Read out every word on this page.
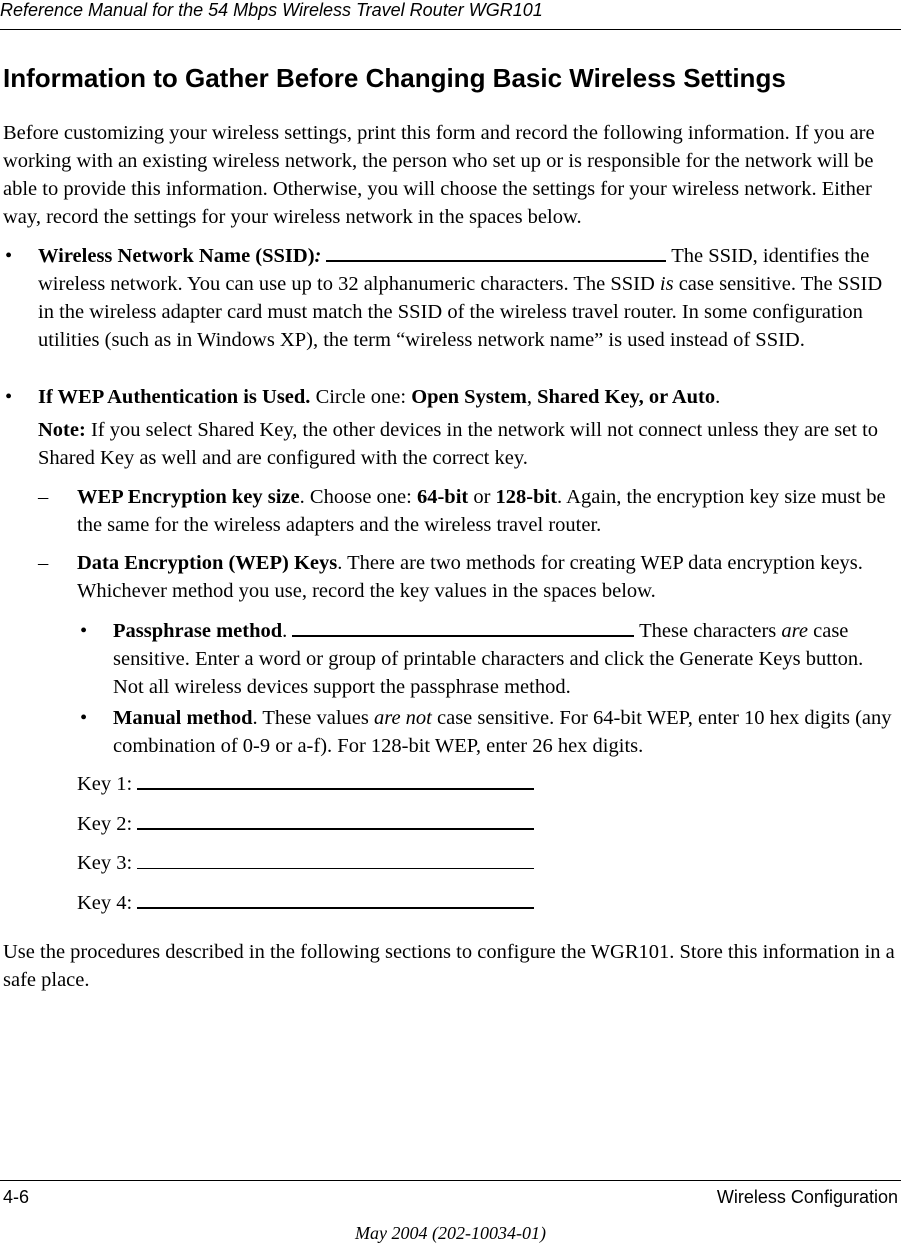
Reference Manual for the 54 Mbps Wireless Travel Router WGR101
Information to Gather Before Changing Basic Wireless Settings

Before customizing your wireless settings, print this form and record the following information. If you are working with an existing wireless network, the person who set up or is responsible for the network will be able to provide this information. Otherwise, you will choose the settings for your wireless network. Either way, record the settings for your wireless network in the spaces below.

• Wireless Network Name (SSID):	The SSID, identifies the wireless network. You can use up to 32 alphanumeric characters. The SSID is case sensitive. The SSID in the wireless adapter card must match the SSID of the wireless travel router. In some configuration utilities (such as in Windows XP), the term “wireless network name” is used instead of SSID.

• If WEP Authentication is Used. Circle one: Open System, Shared Key, or Auto.

Note: If you select Shared Key, the other devices in the network will not connect unless they are set to Shared Key as well and are configured with the correct key.

– WEP Encryption key size. Choose one: 64-bit or 128-bit. Again, the encryption key size must be the same for the wireless adapters and the wireless travel router.

– Data Encryption (WEP) Keys. There are two methods for creating WEP data encryption keys. Whichever method you use, record the key values in the spaces below.

• Passphrase method.	These characters are case sensitive. Enter a word or group of printable characters and click the Generate Keys button. Not all wireless devices support the passphrase method.

• Manual method. These values are not case sensitive. For 64-bit WEP, enter 10 hex digits (any combination of 0-9 or a-f). For 128-bit WEP, enter 26 hex digits.

Key 1:

Key 2:

Key 3:

Key 4:

Use the procedures described in the following sections to configure the WGR101. Store this information in a safe place.

4-6	Wireless Configuration
May 2004 (202-10034-01)
